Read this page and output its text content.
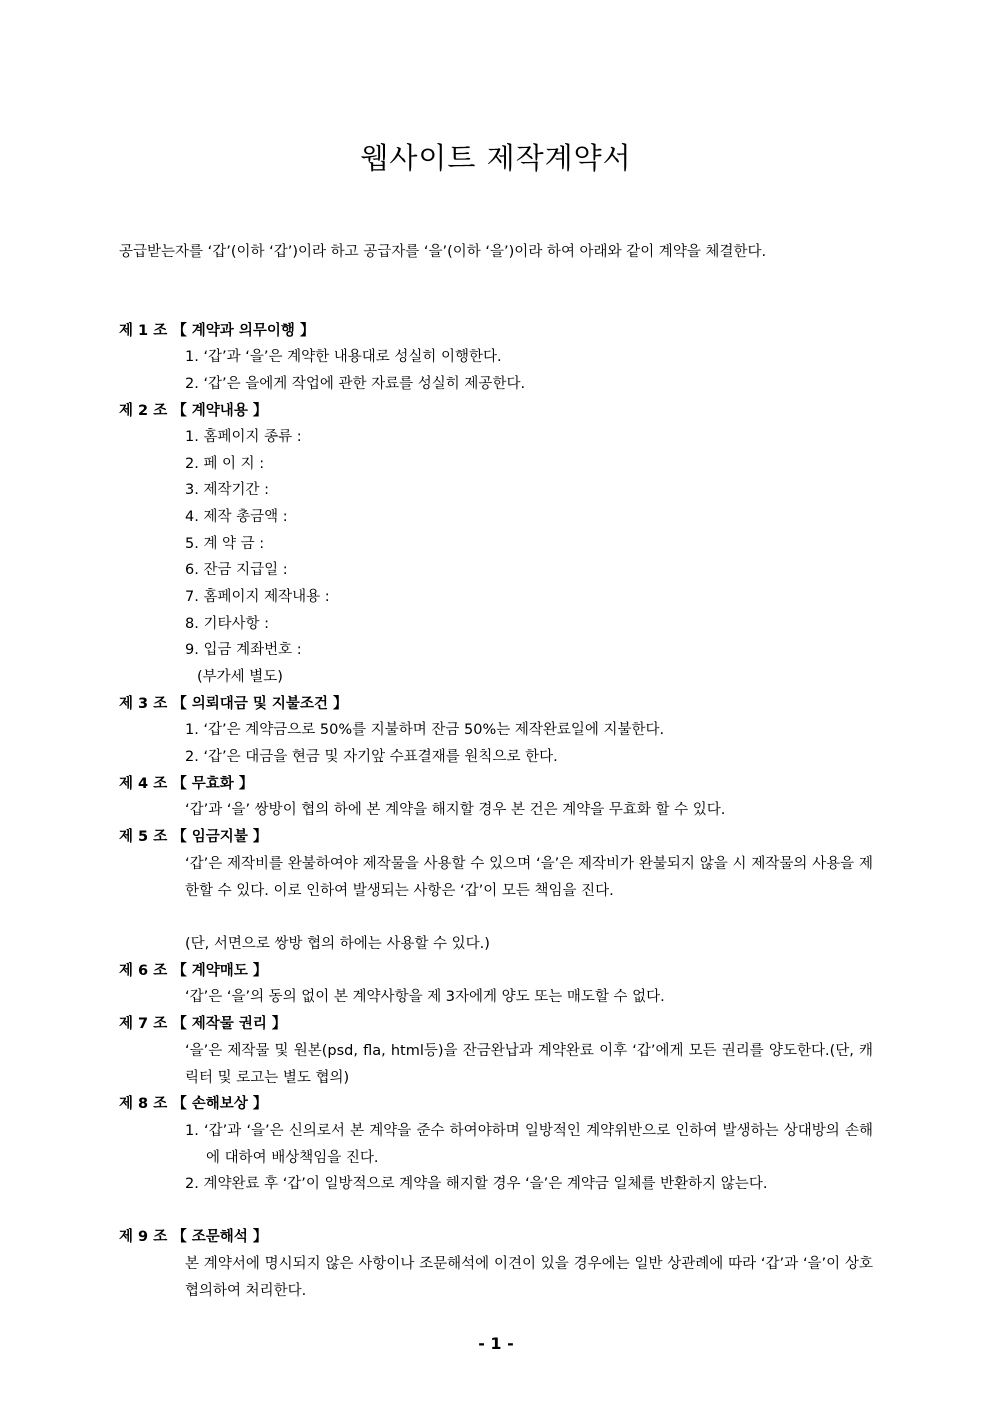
웹사이트 제작계약서
공급받는자를 ‘갑’(이하 ‘갑’)이라 하고 공급자를 ‘을’(이하 ‘을’)이라 하여 아래와 같이 계약을 체결한다.
제 1 조 【 계약과 의무이행 】
1. ‘갑’과 ‘을’은 계약한 내용대로 성실히 이행한다.
2. ‘갑’은 을에게 작업에 관한 자료를 성실히 제공한다.
제 2 조 【 계약내용 】
1. 홈페이지 종류 :
2. 페 이 지 :
3. 제작기간 :
4. 제작 총금액 :
5. 계 약 금 :
6. 잔금 지급일 :
7. 홈페이지 제작내용 :
8. 기타사항 :
9. 입금 계좌번호 :
(부가세 별도)
제 3 조 【 의뢰대금 및 지불조건 】
1. ‘갑’은 계약금으로 50%를 지불하며 잔금 50%는 제작완료일에 지불한다.
2. ‘갑’은 대금을 현금 및 자기앞 수표결재를 원칙으로 한다.
제 4 조 【 무효화 】
‘갑’과 ‘을’ 쌍방이 협의 하에 본 계약을 해지할 경우 본 건은 계약을 무효화 할 수 있다.
제 5 조 【 임금지불 】
‘갑’은 제작비를 완불하여야 제작물을 사용할 수 있으며 ‘을’은 제작비가 완불되지 않을 시 제작물의 사용을 제한할 수 있다. 이로 인하여 발생되는 사항은 ‘갑’이 모든 책임을 진다.
(단, 서면으로 쌍방 협의 하에는 사용할 수 있다.)
제 6 조 【 계약매도 】
‘갑’은 ‘을’의 동의 없이 본 계약사항을 제 3자에게 양도 또는 매도할 수 없다.
제 7 조 【 제작물 권리 】
‘을’은 제작물 및 원본(psd, fla, html등)을 잔금완납과 계약완료 이후 ‘갑’에게 모든 권리를 양도한다.(단, 캐릭터 및 로고는 별도 협의)
제 8 조 【 손해보상 】
1. ‘갑’과 ‘을’은 신의로서 본 계약을 준수 하여야하며 일방적인 계약위반으로 인하여 발생하는 상대방의 손해에 대하여 배상책임을 진다.
2. 계약완료 후 ‘갑’이 일방적으로 계약을 해지할 경우 ‘을’은 계약금 일체를 반환하지 않는다.
제 9 조 【 조문해석 】
본 계약서에 명시되지 않은 사항이나 조문해석에 이견이 있을 경우에는 일반 상관례에 따라 ‘갑’과 ‘을’이 상호 협의하여 처리한다.
- 1 -
